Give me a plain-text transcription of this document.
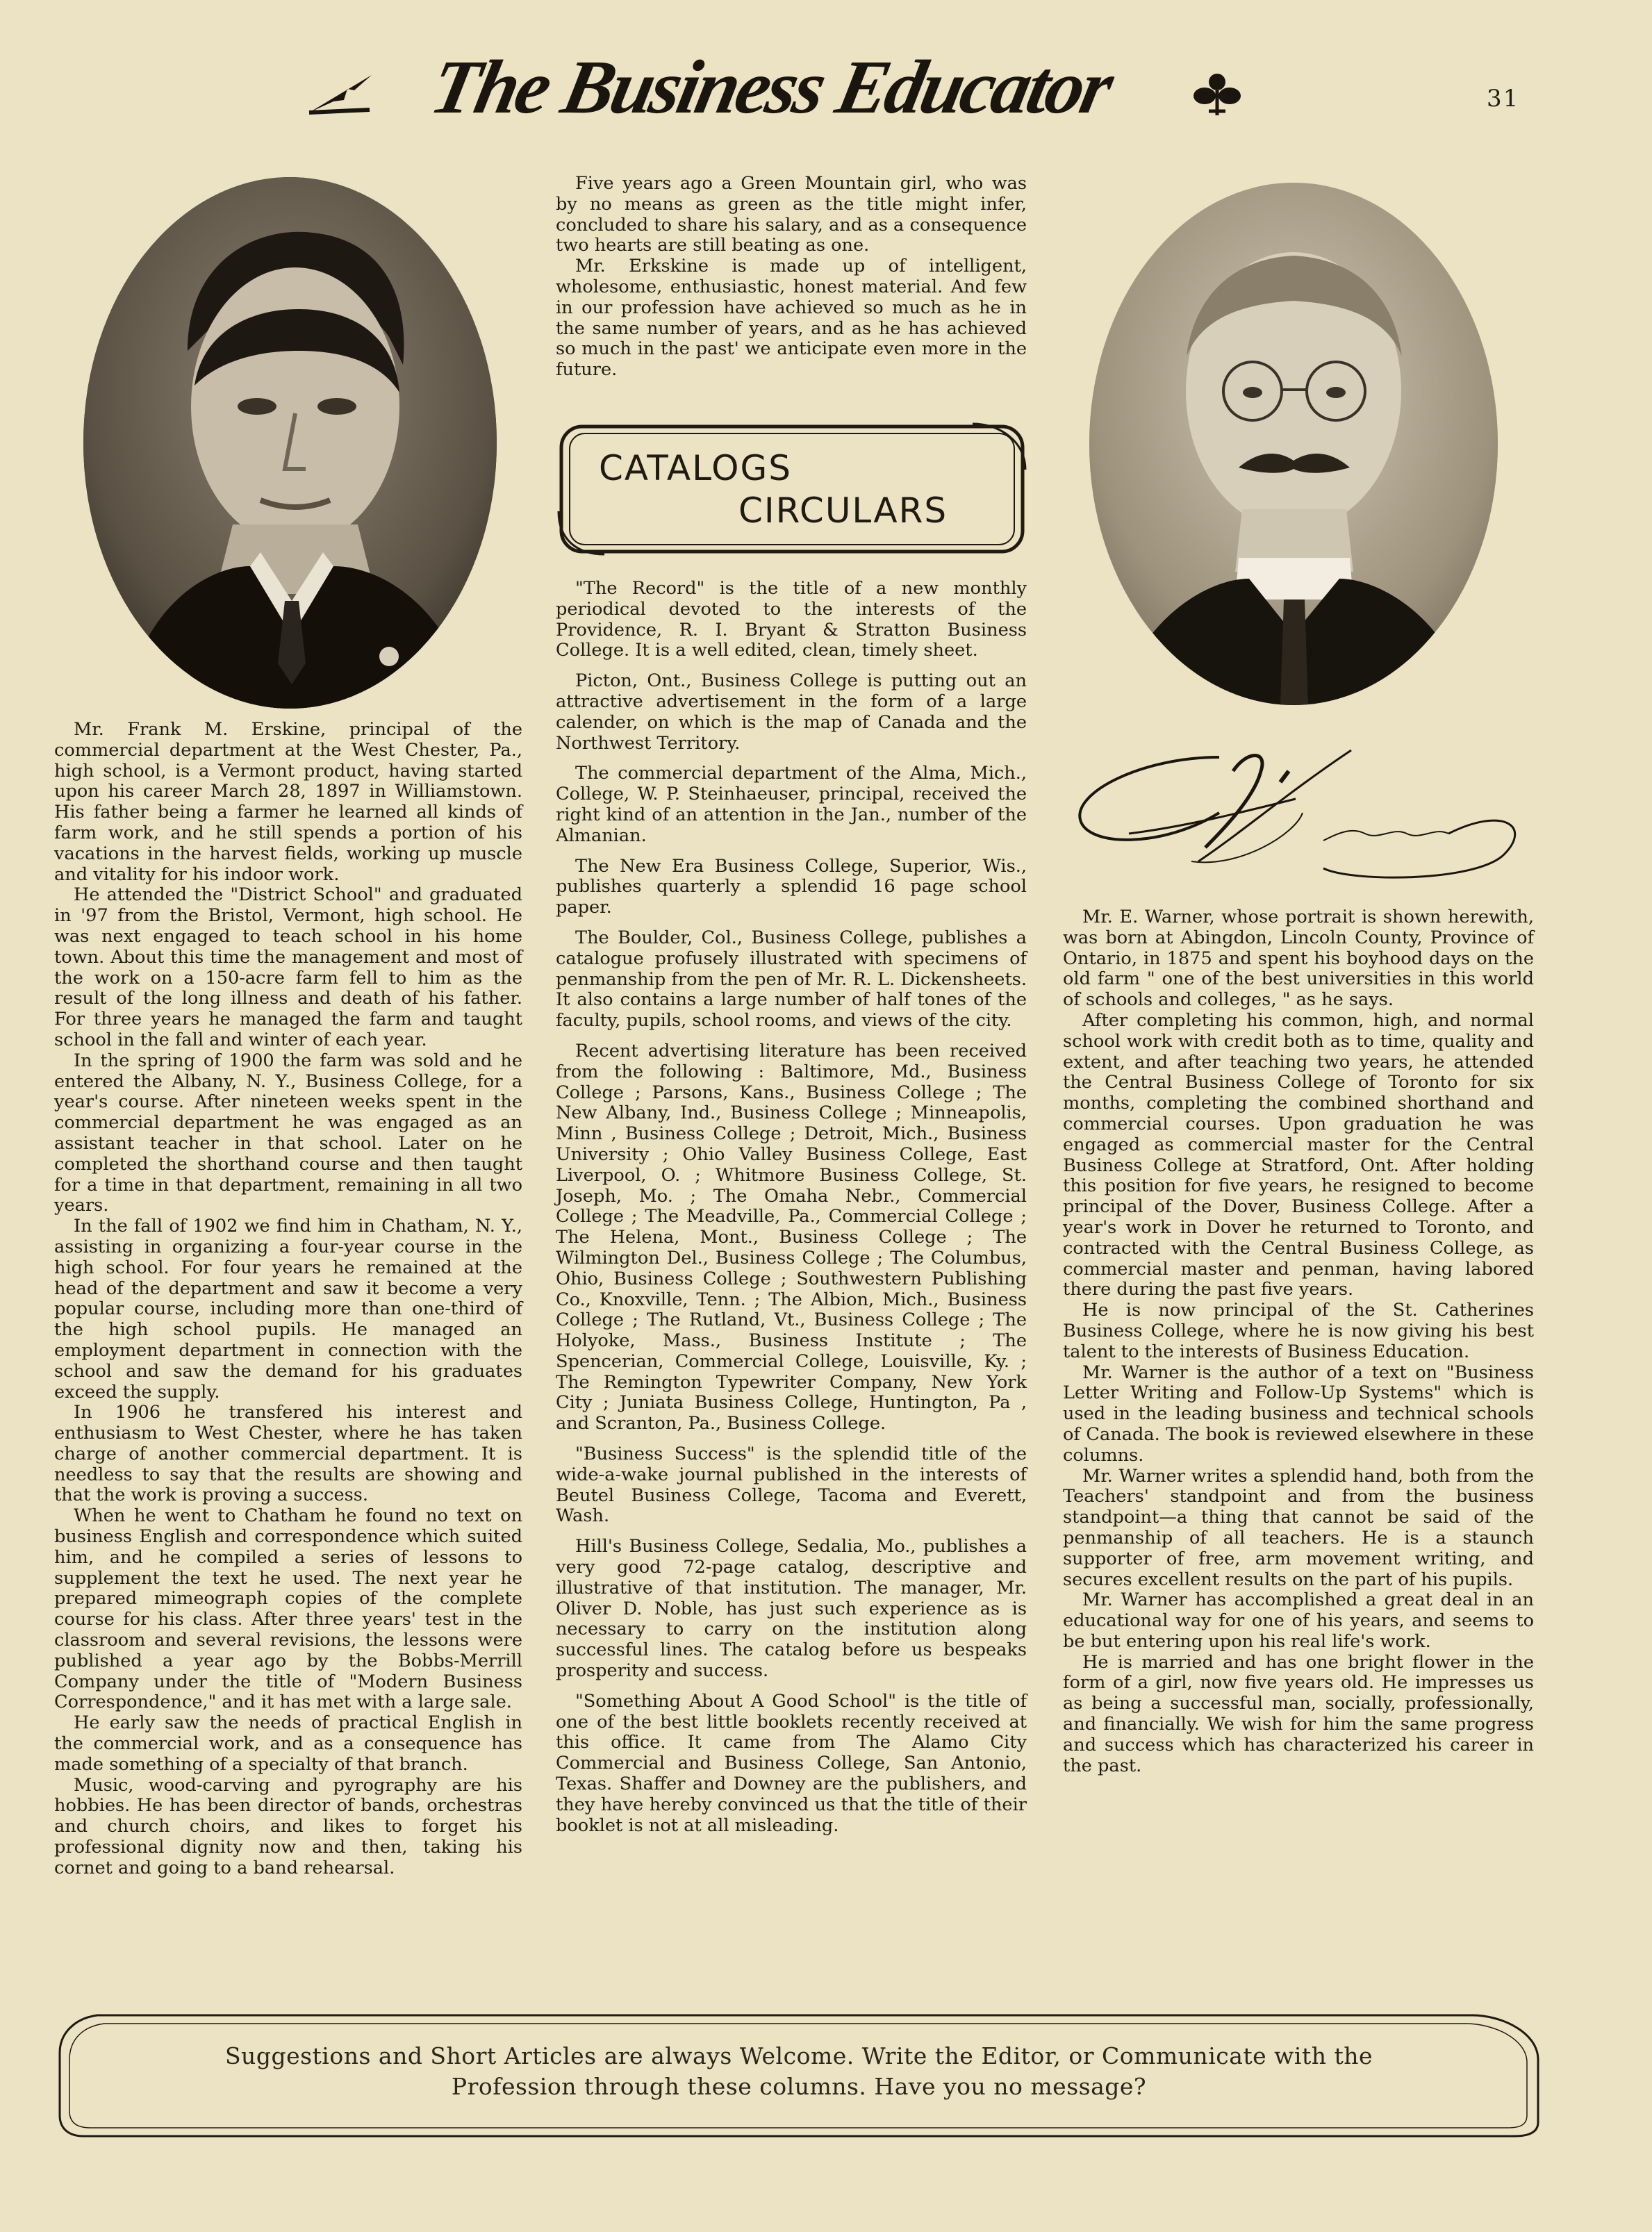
The Business Educator	31

Five years ago a Green Mountain girl, who was by no means as green as the title might infer, concluded to share his salary, and as a consequence two hearts are still beating as one.

Mr. Erkskine is made up of intelligent, wholesome, enthusiastic, honest material. And few in our profession have achieved so much as he in the same number of years, and as he has achieved so much in the past' we anticipate even more in the future.

CATALOGS
CIRCULARS

"The Record" is the title of a new monthly periodical devoted to the interests of the Providence, R. I. Bryant & Stratton Business College. It is a well edited, clean, timely sheet.

Picton, Ont., Business College is putting out an attractive advertisement in the form of a large calender, on which is the map of Canada and the Northwest Territory.

The commercial department of the Alma, Mich., College, W. P. Steinhaeuser, principal, received the right kind of an attention in the Jan., number of the Almanian.

The New Era Business College, Superior, Wis., publishes quarterly a splendid 16 page school paper.

The Boulder, Col., Business College, publishes a catalogue profusely illustrated with specimens of penmanship from the pen of Mr. R. L. Dickensheets. It also contains a large number of half tones of the faculty, pupils, school rooms, and views of the city.

Recent advertising literature has been received from the following : Baltimore, Md., Business College ; Parsons, Kans., Business College ; The New Albany, Ind., Business College ; Minneapolis, Minn , Business College ; Detroit, Mich., Business University ; Ohio Valley Business College, East Liverpool, O. ; Whitmore Business College, St. Joseph, Mo. ; The Omaha Nebr., Commercial College ; The Meadville, Pa., Commercial College ; The Helena, Mont., Business College ; The Wilmington Del., Business College ; The Columbus, Ohio, Business College ; Southwestern Publishing Co., Knoxville, Tenn. ; The Albion, Mich., Business College ; The Rutland, Vt., Business College ; The Holyoke, Mass., Business Institute ; The Spencerian, Commercial College, Louisville, Ky. ; The Remington Typewriter Company, New York City ; Juniata Business College, Huntington, Pa , and Scranton, Pa., Business College.

"Business Success" is the splendid title of the wide-a-wake journal published in the interests of Beutel Business College, Tacoma and Everett, Wash.

Hill's Business College, Sedalia, Mo., publishes a very good 72-page catalog, descriptive and illustrative of that institution. The manager, Mr. Oliver D. Noble, has just such experience as is necessary to carry on the institution along successful lines. The catalog before us bespeaks prosperity and success.

"Something About A Good School" is the title of one of the best little booklets recently received at this office. It came from The Alamo City Commercial and Business College, San Antonio, Texas. Shaffer and Downey are the publishers, and they have hereby convinced us that the title of their booklet is not at all misleading.

Mr. Frank M. Erskine, principal of the commercial department at the West Chester, Pa., high school, is a Vermont product, having started upon his career March 28, 1897 in Williamstown. His father being a farmer he learned all kinds of farm work, and he still spends a portion of his vacations in the harvest fields, working up muscle and vitality for his indoor work.

He attended the "District School" and graduated in '97 from the Bristol, Vermont, high school. He was next engaged to teach school in his home town. About this time the management and most of the work on a 150-acre farm fell to him as the result of the long illness and death of his father. For three years he managed the farm and taught school in the fall and winter of each year.

In the spring of 1900 the farm was sold and he entered the Albany, N. Y., Business College, for a year's course. After nineteen weeks spent in the commercial department he was engaged as an assistant teacher in that school. Later on he completed the shorthand course and then taught for a time in that department, remaining in all two years.

In the fall of 1902 we find him in Chatham, N. Y., assisting in organizing a four-year course in the high school. For four years he remained at the head of the department and saw it become a very popular course, including more than one-third of the high school pupils. He managed an employment department in connection with the school and saw the demand for his graduates exceed the supply.

In 1906 he transfered his interest and enthusiasm to West Chester, where he has taken charge of another commercial department. It is needless to say that the results are showing and that the work is proving a success.

When he went to Chatham he found no text on business English and correspondence which suited him, and he compiled a series of lessons to supplement the text he used. The next year he prepared mimeograph copies of the complete course for his class. After three years' test in the classroom and several revisions, the lessons were published a year ago by the Bobbs-Merrill Company under the title of "Modern Business Correspondence," and it has met with a large sale.

He early saw the needs of practical English in the commercial work, and as a consequence has made something of a specialty of that branch.

Music, wood-carving and pyrography are his hobbies. He has been director of bands, orchestras and church choirs, and likes to forget his professional dignity now and then, taking his cornet and going to a band rehearsal.

Mr. E. Warner, whose portrait is shown herewith, was born at Abingdon, Lincoln County, Province of Ontario, in 1875 and spent his boyhood days on the old farm " one of the best universities in this world of schools and colleges, " as he says.

After completing his common, high, and normal school work with credit both as to time, quality and extent, and after teaching two years, he attended the Central Business College of Toronto for six months, completing the combined shorthand and commercial courses. Upon graduation he was engaged as commercial master for the Central Business College at Stratford, Ont. After holding this position for five years, he resigned to become principal of the Dover, Business College. After a year's work in Dover he returned to Toronto, and contracted with the Central Business College, as commercial master and penman, having labored there during the past five years.

He is now principal of the St. Catherines Business College, where he is now giving his best talent to the interests of Business Education.

Mr. Warner is the author of a text on "Business Letter Writing and Follow-Up Systems" which is used in the leading business and technical schools of Canada. The book is reviewed elsewhere in these columns.

Mr. Warner writes a splendid hand, both from the Teachers' standpoint and from the business standpoint—a thing that cannot be said of the penmanship of all teachers. He is a staunch supporter of free, arm movement writing, and secures excellent results on the part of his pupils.

Mr. Warner has accomplished a great deal in an educational way for one of his years, and seems to be but entering upon his real life's work.

He is married and has one bright flower in the form of a girl, now five years old. He impresses us as being a successful man, socially, professionally, and financially. We wish for him the same progress and success which has characterized his career in the past.

Suggestions and Short Articles are always Welcome. Write the Editor, or Communicate with the
Profession through these columns. Have you no message?
